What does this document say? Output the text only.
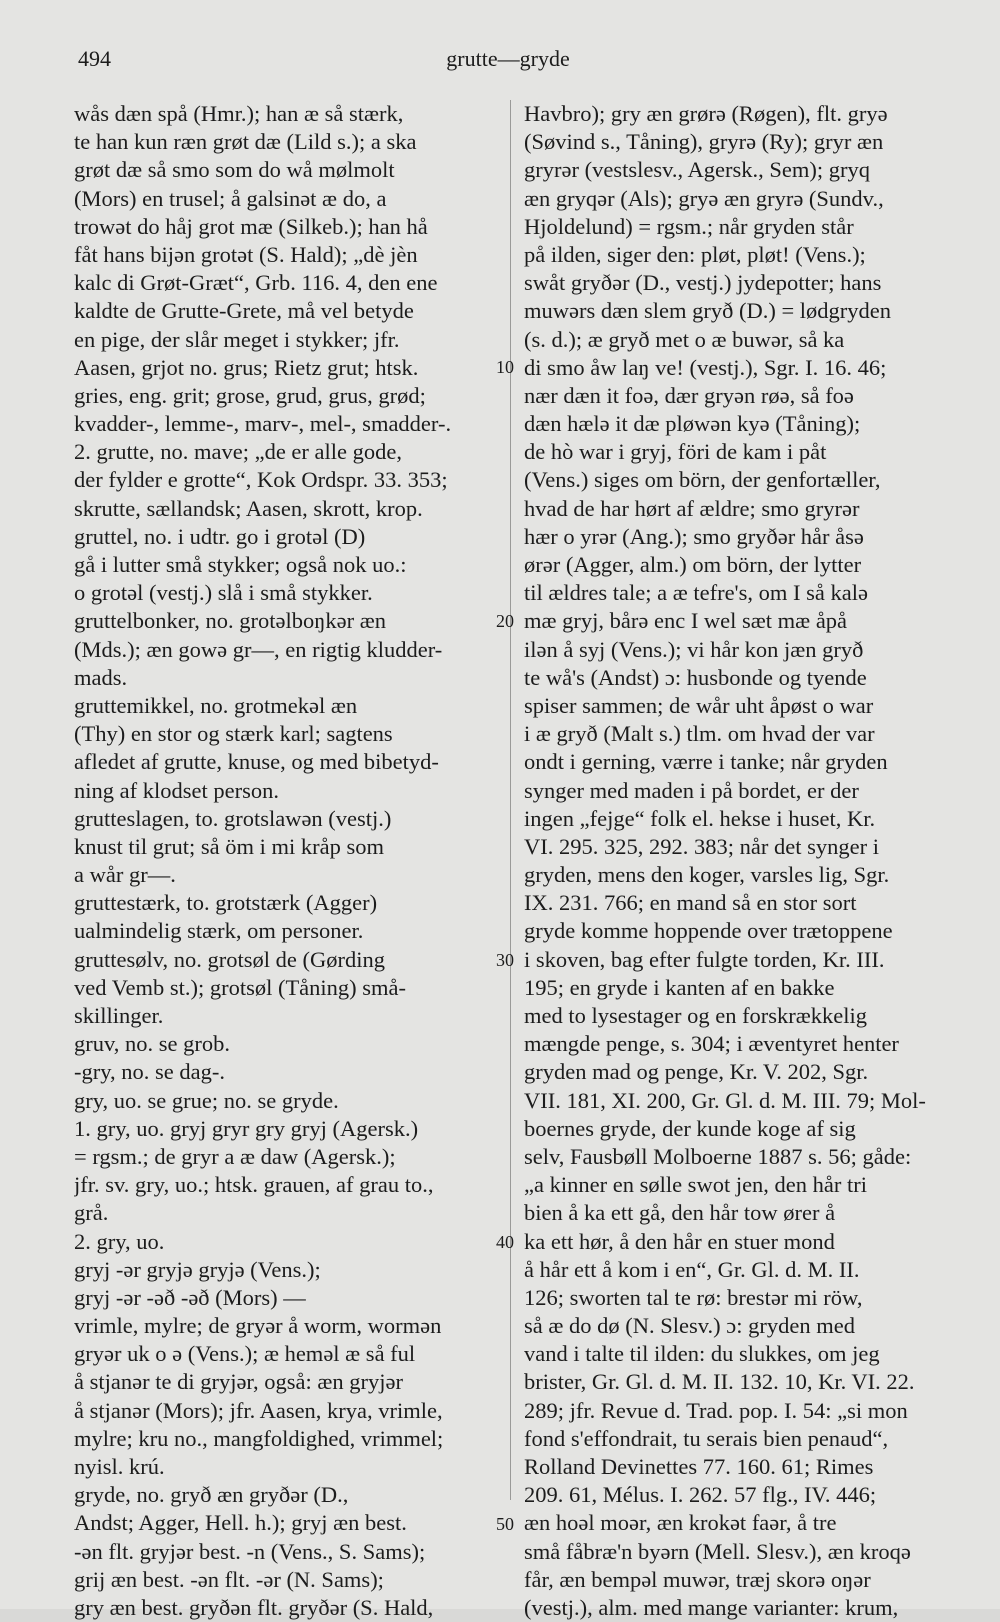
494	grutte—gryde
wås dæn spå (Hmr.); han æ så stærk,
te han kun ræn grøt dæ (Lild s.); a ska
grøt dæ så smo som do wå mølmolt
(Mors) en trusel; å galsinət æ do, a
trowət do håj grot mæ (Silkeb.); han hå
fåt hans bijən grotət (S. Hald); „dè jèn
kalc di Grøt-Græt“, Grb. 116. 4, den ene
kaldte de Grutte-Grete, må vel betyde
en pige, der slår meget i stykker; jfr.
Aasen, grjot no. grus; Rietz grut; htsk.
gries, eng. grit; grose, grud, grus, grød;
kvadder-, lemme-, marv-, mel-, smadder-.
2. grutte, no. mave; „de er alle gode,
der fylder e grotte“, Kok Ordspr. 33. 353;
skrutte, sællandsk; Aasen, skrott, krop.
gruttel, no. i udtr. go i grotəl (D)
gå i lutter små stykker; også nok uo.:
o grotəl (vestj.) slå i små stykker.
gruttelbonker, no. grotəlboŋkər æn
(Mds.); æn gowə gr—, en rigtig kludder-
mads.
gruttemikkel, no. grotmekəl æn
(Thy) en stor og stærk karl; sagtens
afledet af grutte, knuse, og med bibetyd-
ning af klodset person.
grutteslagen, to. grotslawən (vestj.)
knust til grut; så öm i mi kråp som
a wår gr—.
gruttestærk, to. grotstærk (Agger)
ualmindelig stærk, om personer.
gruttesølv, no. grotsøl de (Gørding
ved Vemb st.); grotsøl (Tåning) små-
skillinger.
gruv, no. se grob.
-gry, no. se dag-.
gry, uo. se grue; no. se gryde.
1. gry, uo. gryj gryr gry gryj (Agersk.)
= rgsm.; de gryr a æ daw (Agersk.);
jfr. sv. gry, uo.; htsk. grauen, af grau to.,
grå.
2. gry, uo.
gryj -ər gryjə gryjə (Vens.);
gryj -ər -əð -əð (Mors) —
vrimle, mylre; de gryər å worm, wormən
gryər uk o ə (Vens.); æ heməl æ så ful
å stjanər te di gryjər, også: æn gryjər
å stjanər (Mors); jfr. Aasen, krya, vrimle,
mylre; kru no., mangfoldighed, vrimmel;
nyisl. krú.
gryde, no. gryð æn gryðər (D.,
Andst; Agger, Hell. h.); gryj æn best.
-ən flt. gryjər best. -n (Vens., S. Sams);
grij æn best. -ən flt. -ər (N. Sams);
gry æn best. gryðən flt. gryðər (S. Hald,
Havbro); gry æn grørə (Røgen), flt. gryə
(Søvind s., Tåning), gryrə (Ry); gryr æn
gryrər (vestslesv., Agersk., Sem); gryq
æn gryqər (Als); gryə æn gryrə (Sundv.,
Hjoldelund) = rgsm.; når gryden står
på ilden, siger den: pløt, pløt! (Vens.);
swåt gryðər (D., vestj.) jydepotter; hans
muwərs dæn slem gryð (D.) = lødgryden
(s. d.); æ gryð met o æ buwər, så ka
di smo åw laŋ ve! (vestj.), Sgr. I. 16. 46;
nær dæn it foə, dær gryən røə, så foə
dæn hælə it dæ pløwən kyə (Tåning);
de hò war i gryj, föri de kam i påt
(Vens.) siges om börn, der genfortæller,
hvad de har hørt af ældre; smo gryrər
hær o yrər (Ang.); smo gryðər hår åsə
ørər (Agger, alm.) om börn, der lytter
til ældres tale; a æ tefre's, om I så kalə
mæ gryj, bårə enc I wel sæt mæ åpå
ilən å syj (Vens.); vi hår kon jæn gryð
te wå's (Andst) ɔ: husbonde og tyende
spiser sammen; de wår uht åpøst o war
i æ gryð (Malt s.) tlm. om hvad der var
ondt i gerning, værre i tanke; når gryden
synger med maden i på bordet, er der
ingen „fejge“ folk el. hekse i huset, Kr.
VI. 295. 325, 292. 383; når det synger i
gryden, mens den koger, varsles lig, Sgr.
IX. 231. 766; en mand så en stor sort
gryde komme hoppende over trætoppene
i skoven, bag efter fulgte torden, Kr. III.
195; en gryde i kanten af en bakke
med to lysestager og en forskrækkelig
mængde penge, s. 304; i æventyret henter
gryden mad og penge, Kr. V. 202, Sgr.
VII. 181, XI. 200, Gr. Gl. d. M. III. 79; Mol-
boernes gryde, der kunde koge af sig
selv, Fausbøll Molboerne 1887 s. 56; gåde:
„a kinner en sølle swot jen, den hår tri
bien å ka ett gå, den hår tow ører å
ka ett hør, å den hår en stuer mond
å hår ett å kom i en“, Gr. Gl. d. M. II.
126; sworten tal te rø: brestər mi röw,
så æ do dø (N. Slesv.) ɔ: gryden med
vand i talte til ilden: du slukkes, om jeg
brister, Gr. Gl. d. M. II. 132. 10, Kr. VI. 22.
289; jfr. Revue d. Trad. pop. I. 54: „si mon
fond s'effondrait, tu serais bien penaud“,
Rolland Devinettes 77. 160. 61; Rimes
209. 61, Mélus. I. 262. 57 flg., IV. 446;
æn hoəl moər, æn krokət faər, å tre
små fåbræ'n byərn (Mell. Slesv.), æn kroqə
får, æn bempəl muwər, træj skorə oŋər
(vestj.), alm. med mange varianter: krum,
10
20
30
40
50
